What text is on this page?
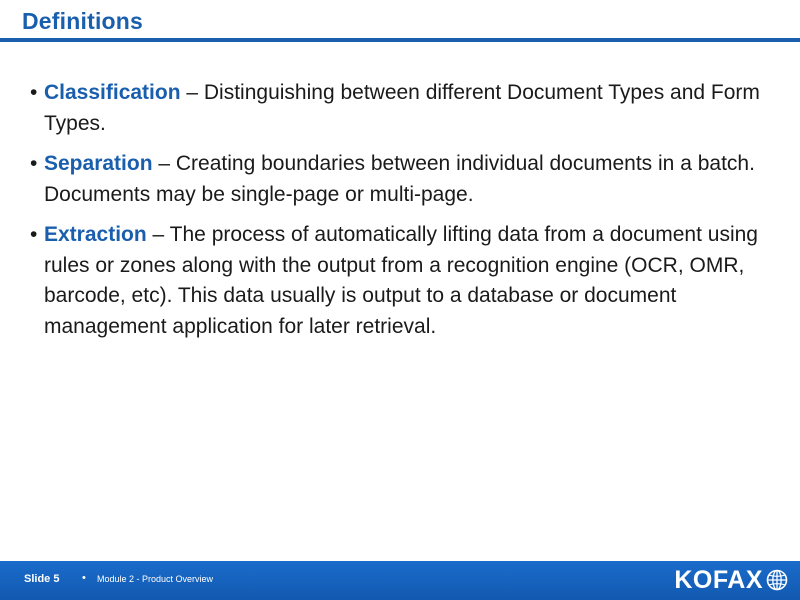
Definitions
• Classification – Distinguishing between different Document Types and Form Types.
• Separation – Creating boundaries between individual documents in a batch. Documents may be single-page or multi-page.
• Extraction – The process of automatically lifting data from a document using rules or zones along with the output from a recognition engine (OCR, OMR, barcode, etc). This data usually is output to a database or document management application for later retrieval.
Slide 5 • Module 2 - Product Overview	KOFAX
